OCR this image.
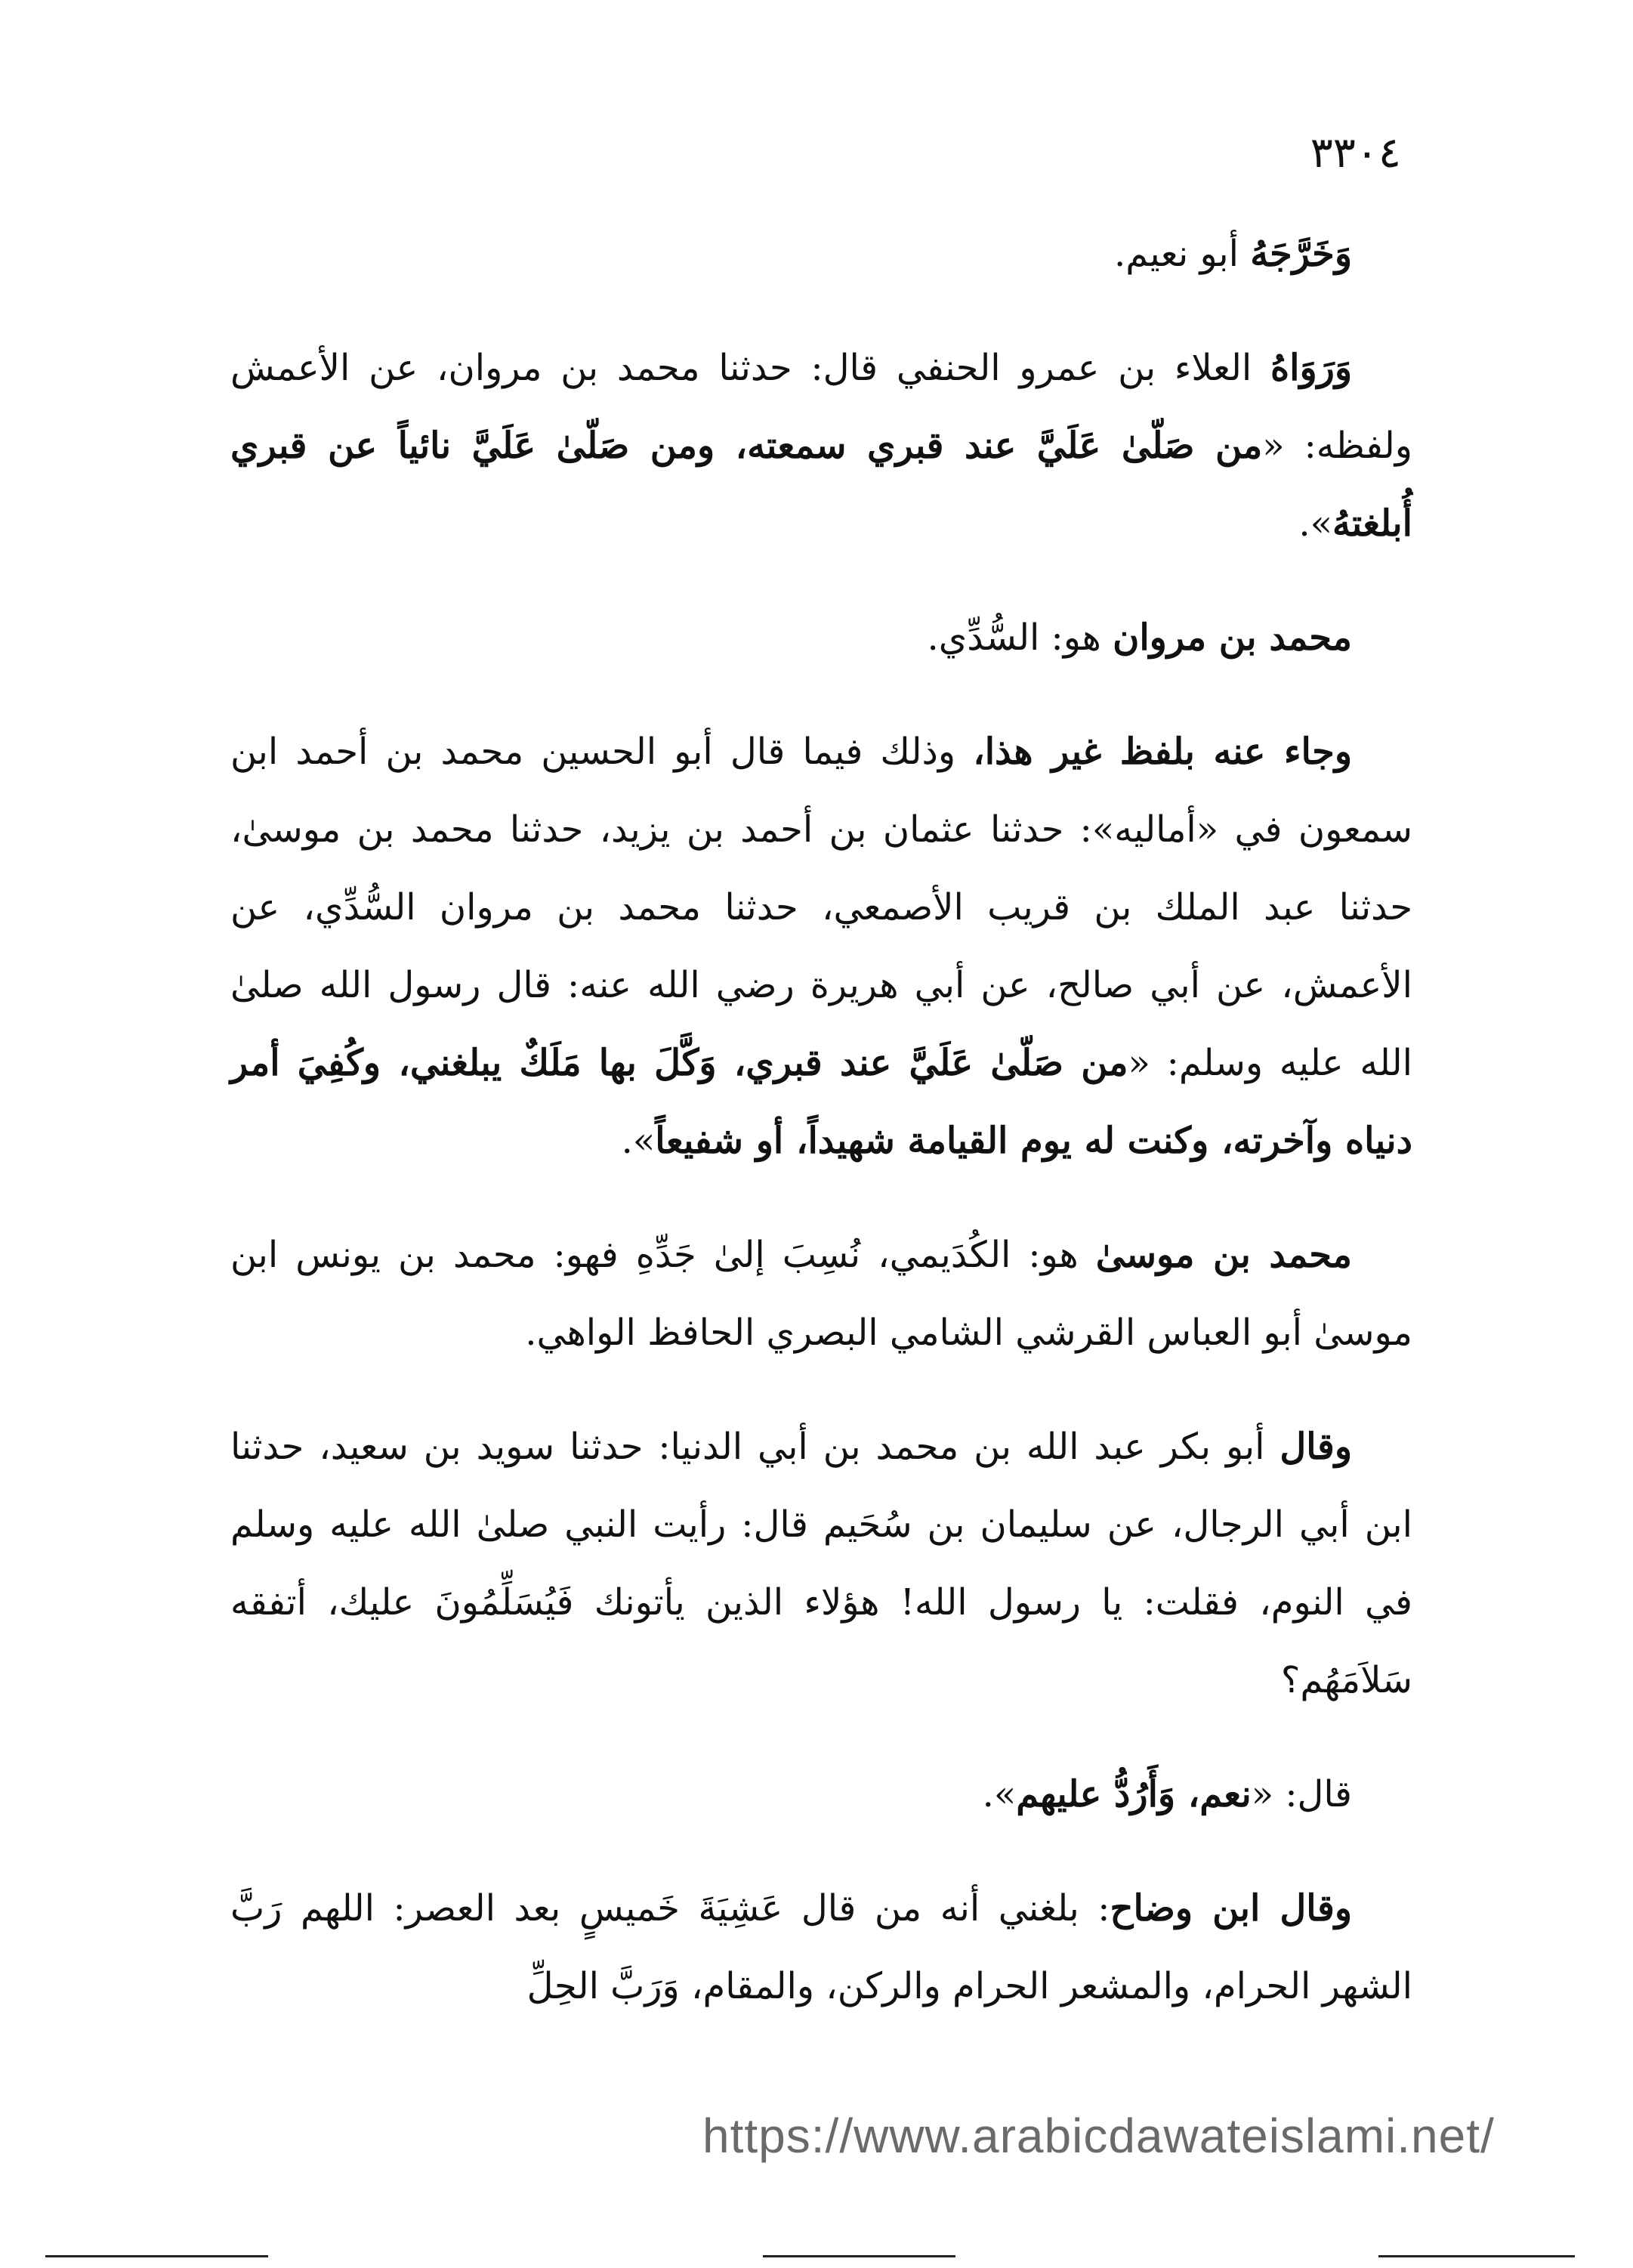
٣٣٠٤

وَخَرَّجَهُ أبو نعيم.

وَرَوَاهُ العلاء بن عمرو الحنفي قال: حدثنا محمد بن مروان، عن الأعمش ولفظه: «من صَلّىٰ عَلَيَّ عند قبري سمعته، ومن صَلّىٰ عَلَيَّ نائياً عن قبري أُبلغتهُ».

محمد بن مروان هو: السُّدِّي.

وجاء عنه بلفظ غير هذا، وذلك فيما قال أبو الحسين محمد بن أحمد ابن سمعون في «أماليه»: حدثنا عثمان بن أحمد بن يزيد، حدثنا محمد بن موسىٰ، حدثنا عبد الملك بن قريب الأصمعي، حدثنا محمد بن مروان السُّدِّي، عن الأعمش، عن أبي صالح، عن أبي هريرة رضي الله عنه: قال رسول الله صلىٰ الله عليه وسلم: «من صَلّىٰ عَلَيَّ عند قبري، وَكَّلَ بها مَلَكٌ يبلغني، وكُفِيَ أمر دنياه وآخرته، وكنت له يوم القيامة شهيداً، أو شفيعاً».

محمد بن موسىٰ هو: الكُدَيمي، نُسِبَ إلىٰ جَدِّهِ فهو: محمد بن يونس ابن موسىٰ أبو العباس القرشي الشامي البصري الحافظ الواهي.

وقال أبو بكر عبد الله بن محمد بن أبي الدنيا: حدثنا سويد بن سعيد، حدثنا ابن أبي الرجال، عن سليمان بن سُحَيم قال: رأيت النبي صلىٰ الله عليه وسلم في النوم، فقلت: يا رسول الله! هؤلاء الذين يأتونك فَيُسَلِّمُونَ عليك، أتفقه سَلاَمَهُم؟

قال: «نعم، وَأَرُدُّ عليهم».

وقال ابن وضاح: بلغني أنه من قال عَشِيَةَ خَميسٍ بعد العصر: اللهم رَبَّ الشهر الحرام، والمشعر الحرام والركن، والمقام، وَرَبَّ الحِلِّ

https://www.arabicdawateislami.net/
